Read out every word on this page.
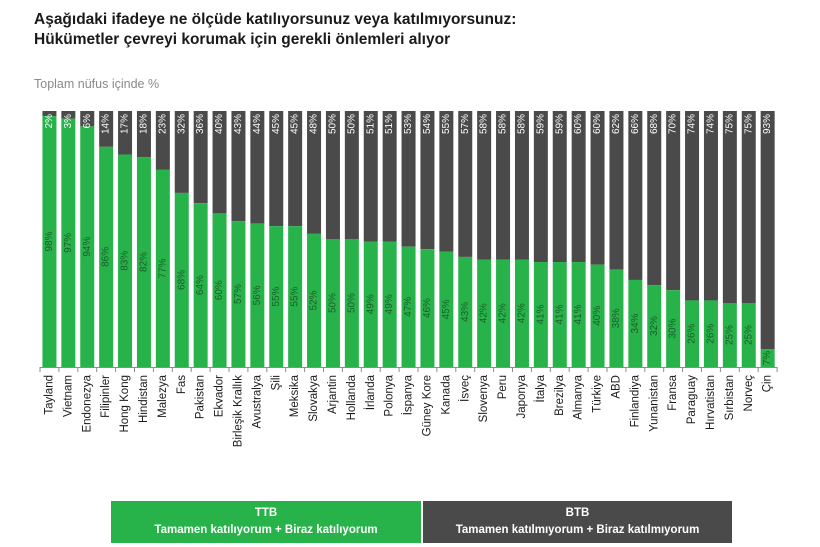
Aşağıdaki ifadeye ne ölçüde katılıyorsunuz veya katılmıyorsunuz:
Hükümetler çevreyi korumak için gerekli önlemleri alıyor
Toplam nüfus içinde %
2%
98%
Tayland
3%
97%
Vietnam
6%
94%
Endonezya
14%
86%
Filipinler
17%
83%
Hong Kong
18%
82%
Hindistan
23%
77%
Malezya
32%
68%
Fas
36%
64%
Pakistan
40%
60%
Ekvador
43%
57%
Birleşik Krallık
44%
56%
Avustralya
45%
55%
Şili
45%
55%
Meksika
48%
52%
Slovakya
50%
50%
Arjantin
50%
50%
Hollanda
51%
49%
İrlanda
51%
49%
Polonya
53%
47%
İspanya
54%
46%
Güney Kore
55%
45%
Kanada
57%
43%
İsveç
58%
42%
Slovenya
58%
42%
Peru
58%
42%
Japonya
59%
41%
İtalya
59%
41%
Brezilya
60%
41%
Almanya
60%
40%
Türkiye
62%
38%
ABD
66%
34%
Finlandiya
68%
32%
Yunanistan
70%
30%
Fransa
74%
26%
Paraguay
74%
26%
Hırvatistan
75%
25%
Sırbistan
75%
25%
Norveç
93%
7%
Çin
TTB
Tamamen katılıyorum + Biraz katılıyorum
BTB
Tamamen katılmıyorum + Biraz katılmıyorum
